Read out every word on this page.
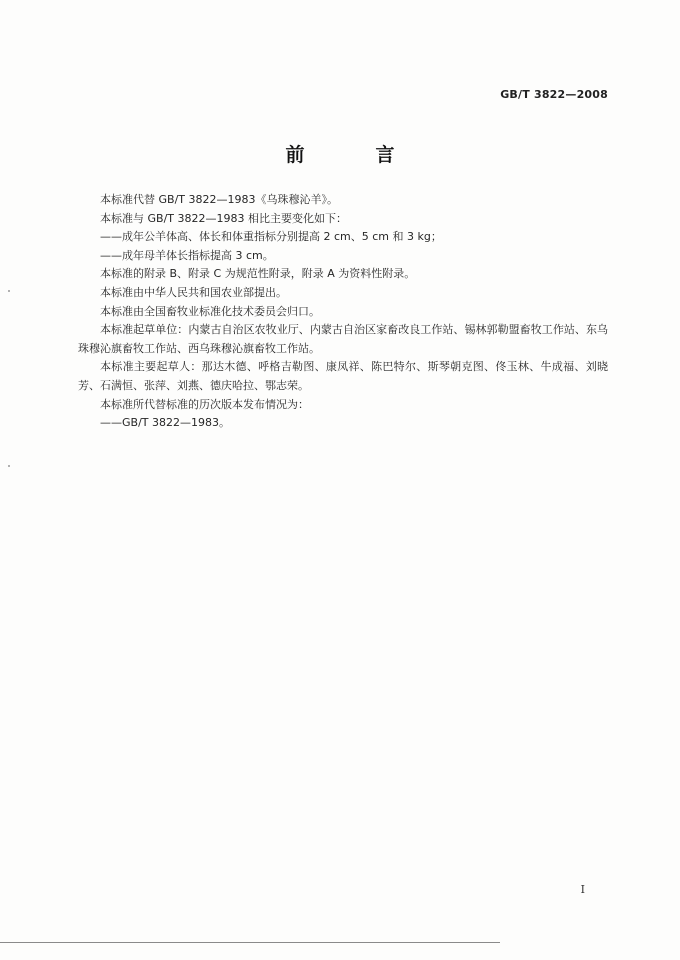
GB/T 3822—2008
前　言

本标准代替 GB/T 3822—1983《乌珠穆沁羊》。

本标准与 GB/T 3822—1983 相比主要变化如下：

——成年公羊体高、体长和体重指标分别提高 2 cm、5 cm 和 3 kg；

——成年母羊体长指标提高 3 cm。

本标准的附录 B、附录 C 为规范性附录，附录 A 为资料性附录。

本标准由中华人民共和国农业部提出。

本标准由全国畜牧业标准化技术委员会归口。

本标准起草单位：内蒙古自治区农牧业厅、内蒙古自治区家畜改良工作站、锡林郭勒盟畜牧工作站、东乌珠穆沁旗畜牧工作站、西乌珠穆沁旗畜牧工作站。

本标准主要起草人：那达木德、呼格吉勒图、康凤祥、陈巴特尔、斯琴朝克图、佟玉林、牛成福、刘晓芳、石满恒、张萍、刘燕、德庆哈拉、鄂志荣。

本标准所代替标准的历次版本发布情况为：

——GB/T 3822—1983。

I
